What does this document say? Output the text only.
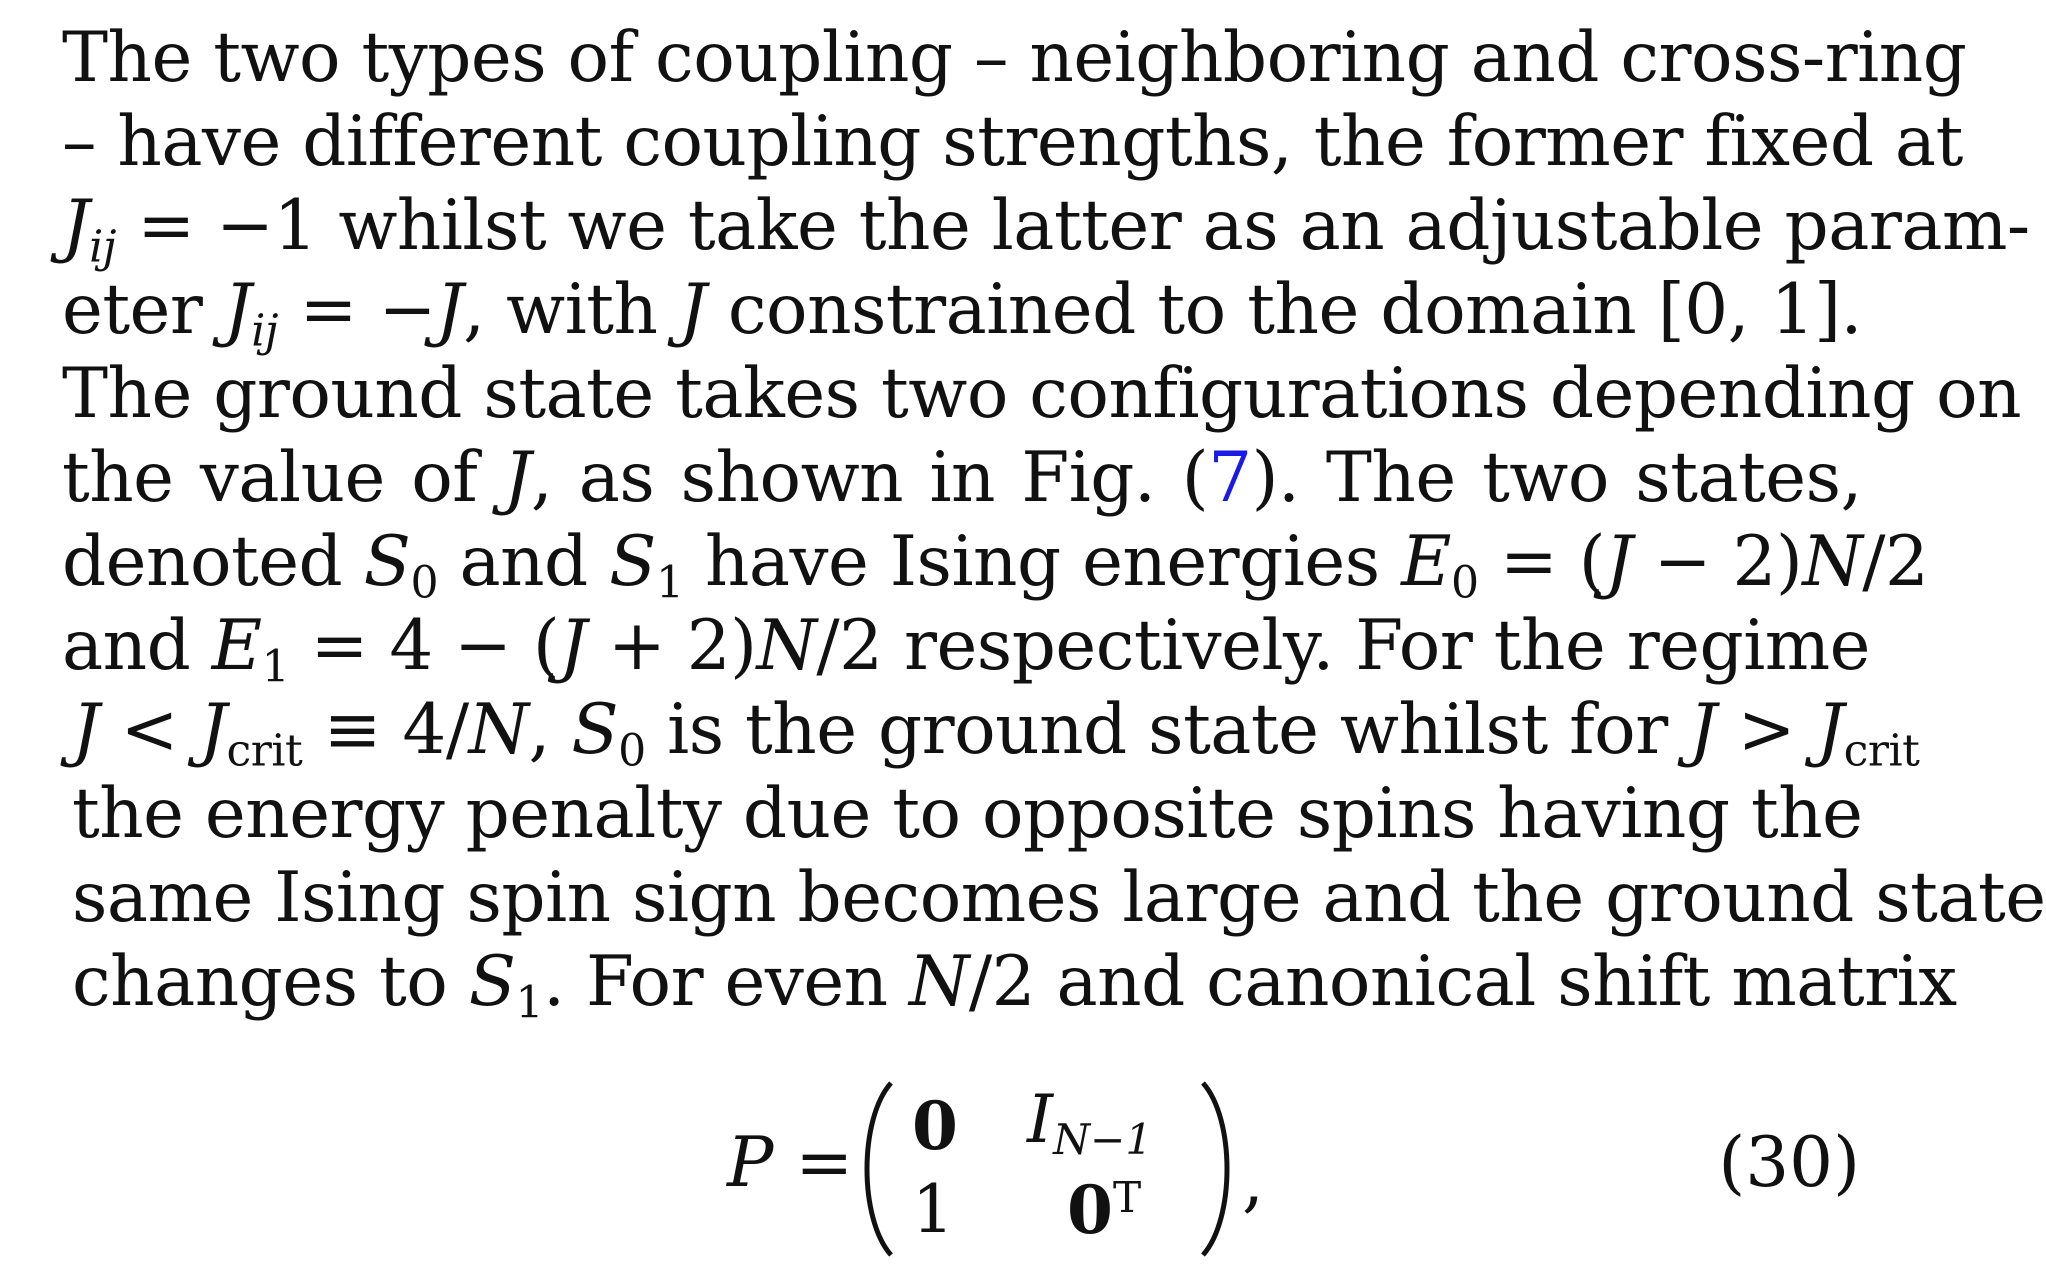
The two types of coupling – neighboring and cross-ring
– have different coupling strengths, the former fixed at
$J_{ij} = -1$ whilst we take the latter as an adjustable param-
eter $J_{ij} = -J$, with J constrained to the domain [0, 1].
The ground state takes two configurations depending on
the value of J, as shown in Fig. (7). The two states,
denoted $S_0$ and $S_1$ have Ising energies $E_0 = (J - 2)N/2$
and $E_1 = 4 - (J + 2)N/2$ respectively. For the regime
$J < J_{crit} \equiv 4/N$, $S_0$ is the ground state whilst for $J > J_{crit}$
the energy penalty due to opposite spins having the
same Ising spin sign becomes large and the ground state
changes to $S_1$. For even N/2 and canonical shift matrix
P = 0 $I_{N-1}$
1 $0^T$ ,	(30)
